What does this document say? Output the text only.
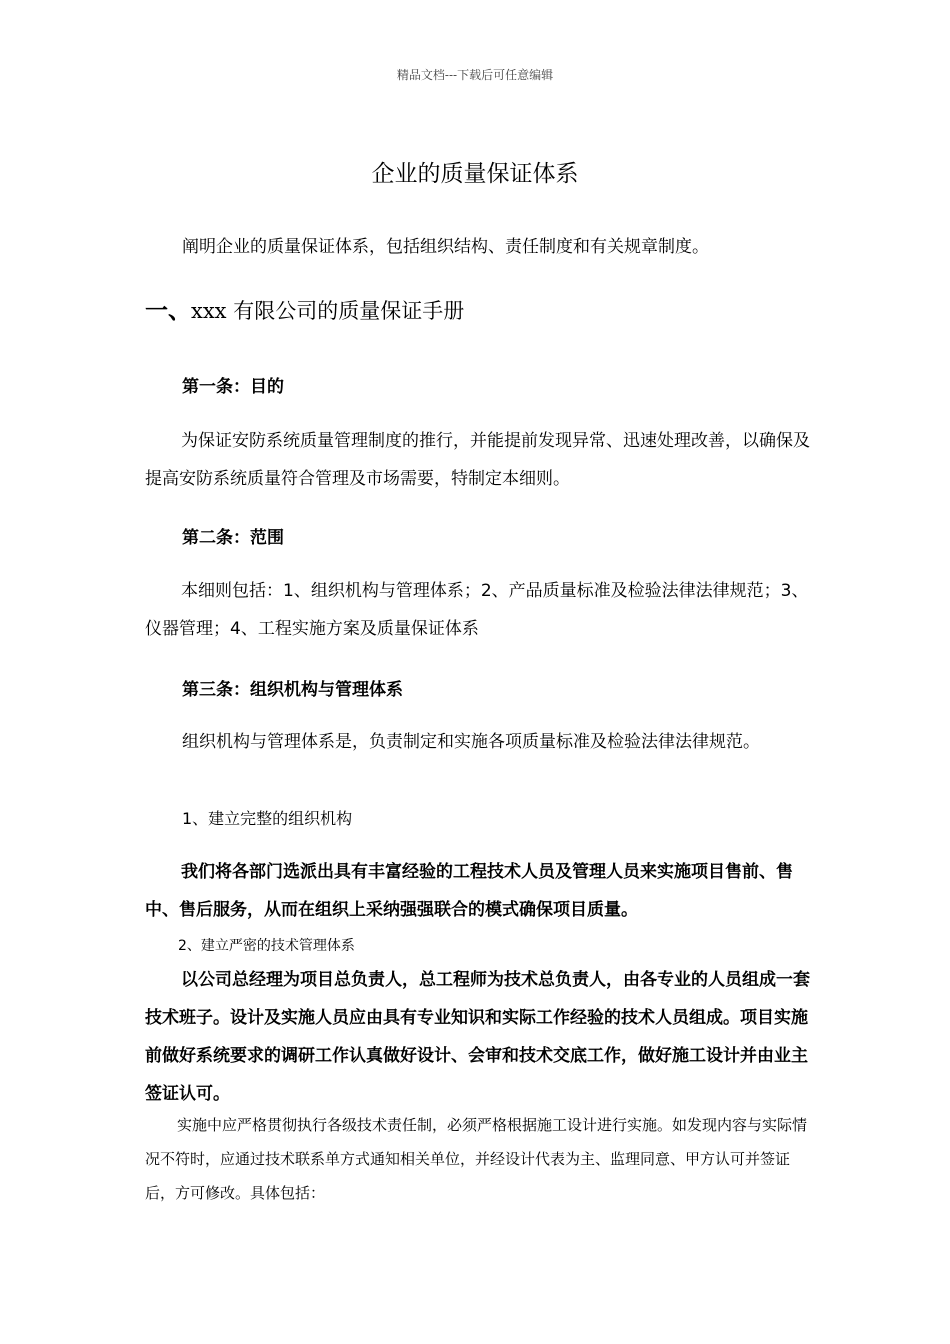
精品文档---下载后可任意编辑
企业的质量保证体系

阐明企业的质量保证体系，包括组织结构、责任制度和有关规章制度。

一、xxx 有限公司的质量保证手册
第一条：目的

为保证安防系统质量管理制度的推行，并能提前发现异常、迅速处理改善，以确保及提高安防系统质量符合管理及市场需要，特制定本细则。

第二条：范围

本细则包括：1、组织机构与管理体系；2、产品质量标准及检验法律法律规范；3、仪器管理；4、工程实施方案及质量保证体系

第三条：组织机构与管理体系

组织机构与管理体系是，负责制定和实施各项质量标准及检验法律法律规范。

1、建立完整的组织机构

我们将各部门选派出具有丰富经验的工程技术人员及管理人员来实施项目售前、售中、售后服务，从而在组织上采纳强强联合的模式确保项目质量。

2、建立严密的技术管理体系

以公司总经理为项目总负责人，总工程师为技术总负责人，由各专业的人员组成一套技术班子。设计及实施人员应由具有专业知识和实际工作经验的技术人员组成。项目实施前做好系统要求的调研工作认真做好设计、会审和技术交底工作，做好施工设计并由业主签证认可。

实施中应严格贯彻执行各级技术责任制，必须严格根据施工设计进行实施。如发现内容与实际情况不符时，应通过技术联系单方式通知相关单位，并经设计代表为主、监理同意、甲方认可并签证后，方可修改。具体包括：
